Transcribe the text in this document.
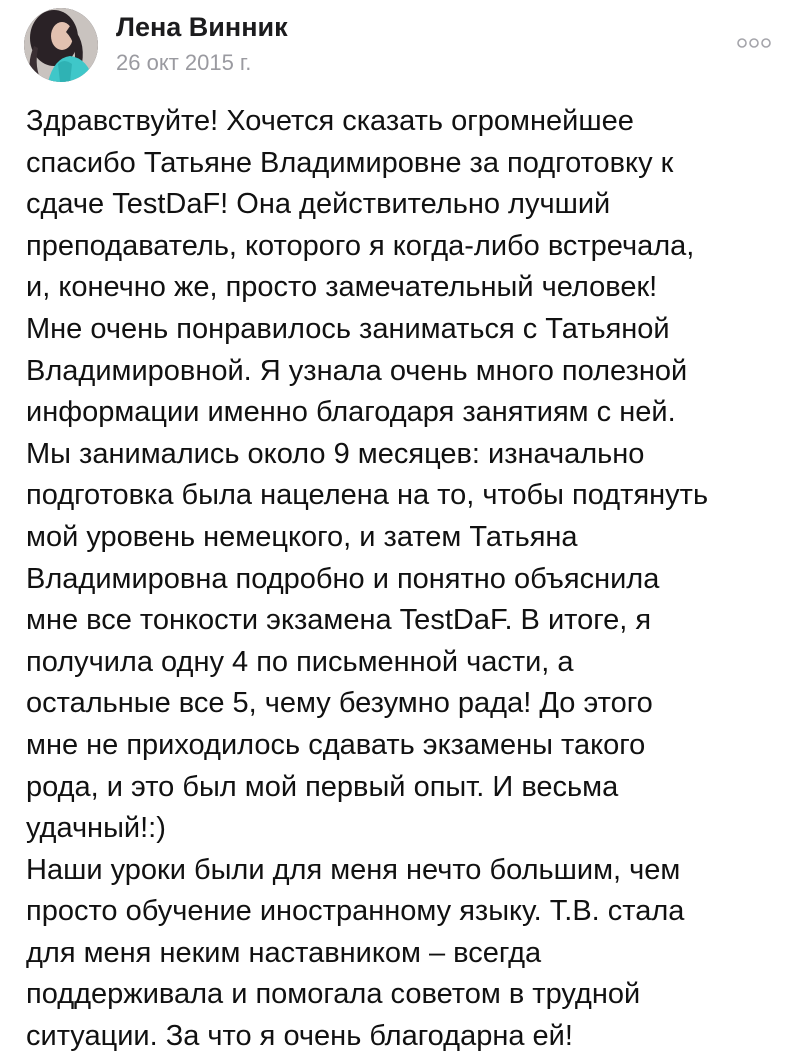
Лена Винник
26 окт 2015 г.

Здравствуйте! Хочется сказать огромнейшее
спасибо Татьяне Владимировне за подготовку к
сдаче TestDaF! Она действительно лучший
преподаватель, которого я когда-либо встречала,
и, конечно же, просто замечательный человек!
Мне очень понравилось заниматься с Татьяной
Владимировной. Я узнала очень много полезной
информации именно благодаря занятиям с ней.
Мы занимались около 9 месяцев: изначально
подготовка была нацелена на то, чтобы подтянуть
мой уровень немецкого, и затем Татьяна
Владимировна подробно и понятно объяснила
мне все тонкости экзамена TestDaF. В итоге, я
получила одну 4 по письменной части, а
остальные все 5, чему безумно рада! До этого
мне не приходилось сдавать экзамены такого
рода, и это был мой первый опыт. И весьма
удачный!:)

Наши уроки были для меня нечто большим, чем
просто обучение иностранному языку. Т.В. стала
для меня неким наставником – всегда
поддерживала и помогала советом в трудной
ситуации. За что я очень благодарна ей!
